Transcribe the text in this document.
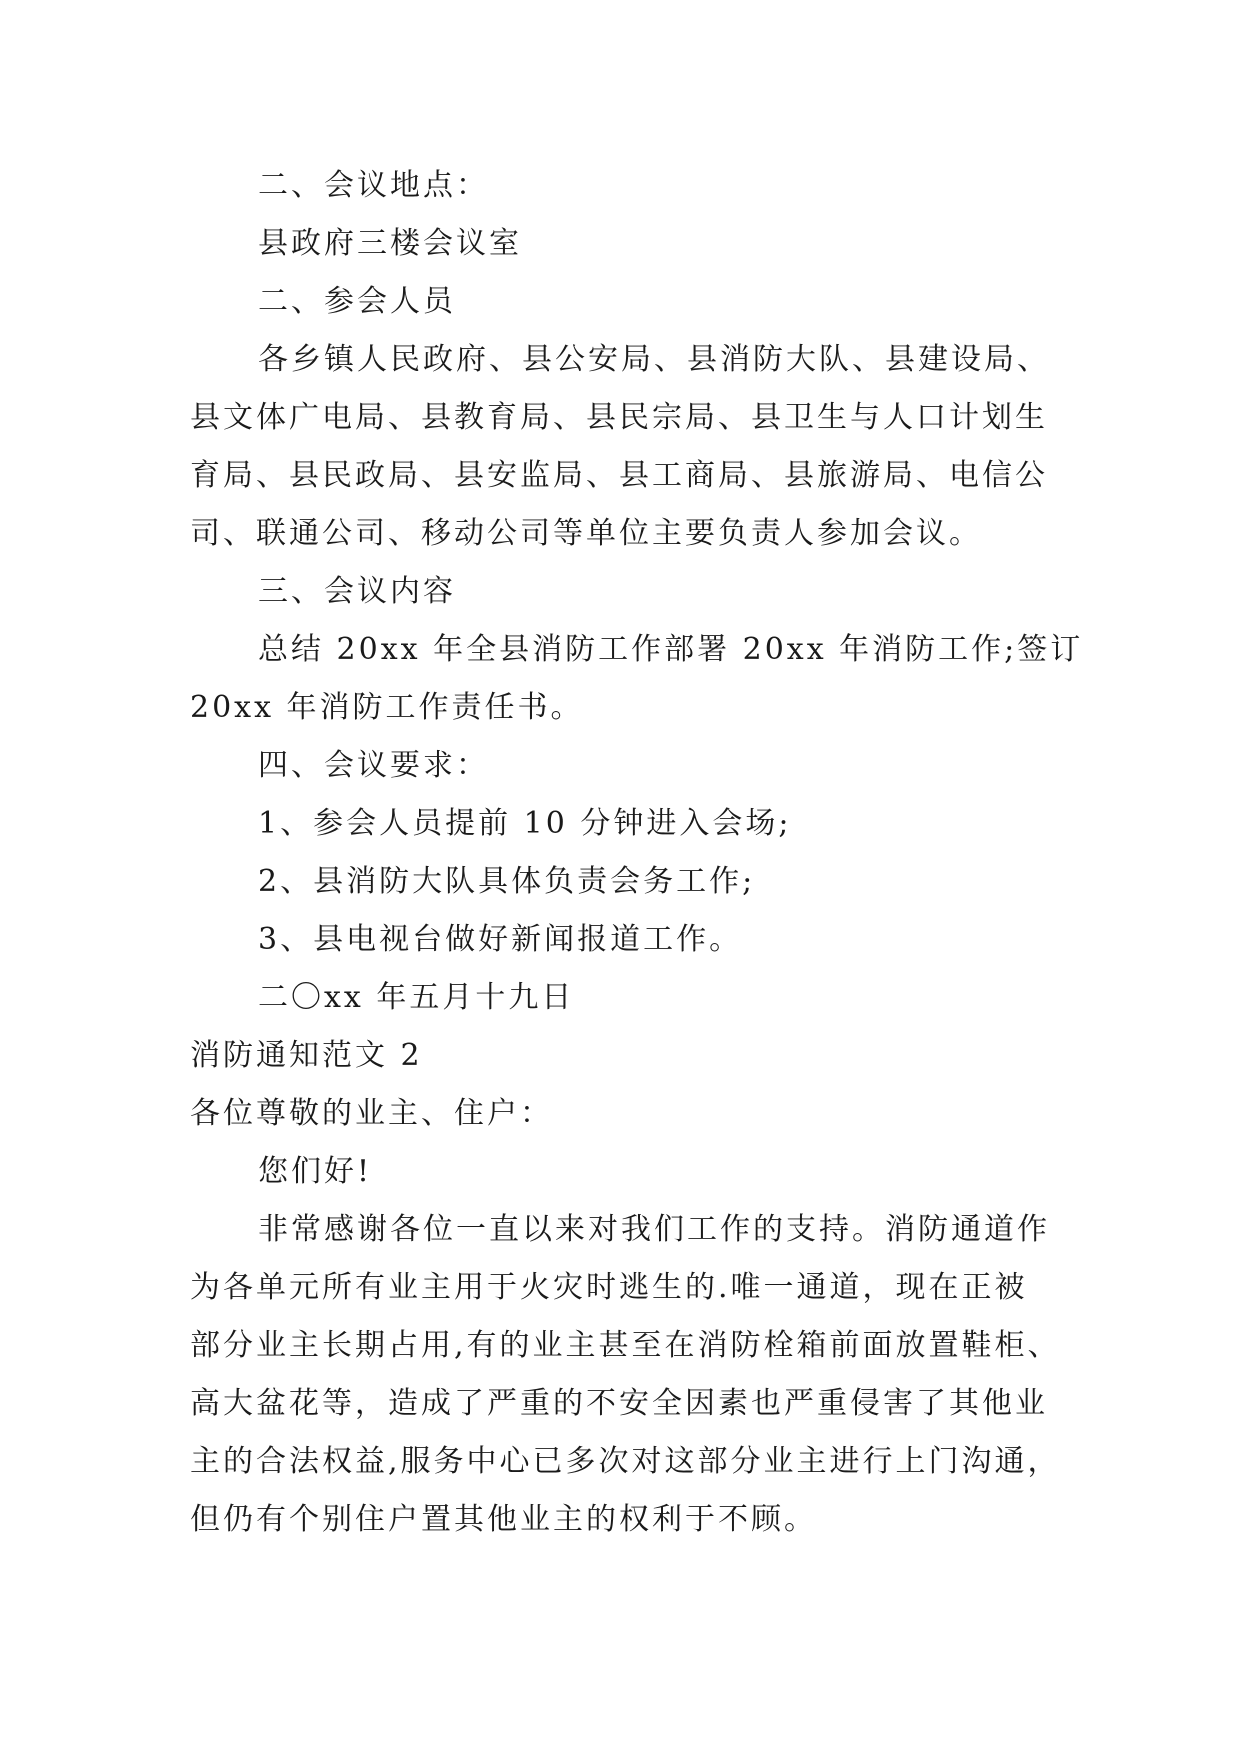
二、会议地点：
县政府三楼会议室
二、参会人员
各乡镇人民政府、县公安局、县消防大队、县建设局、
县文体广电局、县教育局、县民宗局、县卫生与人口计划生
育局、县民政局、县安监局、县工商局、县旅游局、电信公
司、联通公司、移动公司等单位主要负责人参加会议。
三、会议内容
总结 20xx 年全县消防工作部署 20xx 年消防工作;签订
20xx 年消防工作责任书。
四、会议要求：
1、参会人员提前 10 分钟进入会场;
2、县消防大队具体负责会务工作;
3、县电视台做好新闻报道工作。
二〇xx 年五月十九日
消防通知范文 2
各位尊敬的业主、住户：
您们好!
非常感谢各位一直以来对我们工作的支持。消防通道作
为各单元所有业主用于火灾时逃生的.唯一通道，现在正被
部分业主长期占用,有的业主甚至在消防栓箱前面放置鞋柜、
高大盆花等，造成了严重的不安全因素也严重侵害了其他业
主的合法权益,服务中心已多次对这部分业主进行上门沟通，
但仍有个别住户置其他业主的权利于不顾。
